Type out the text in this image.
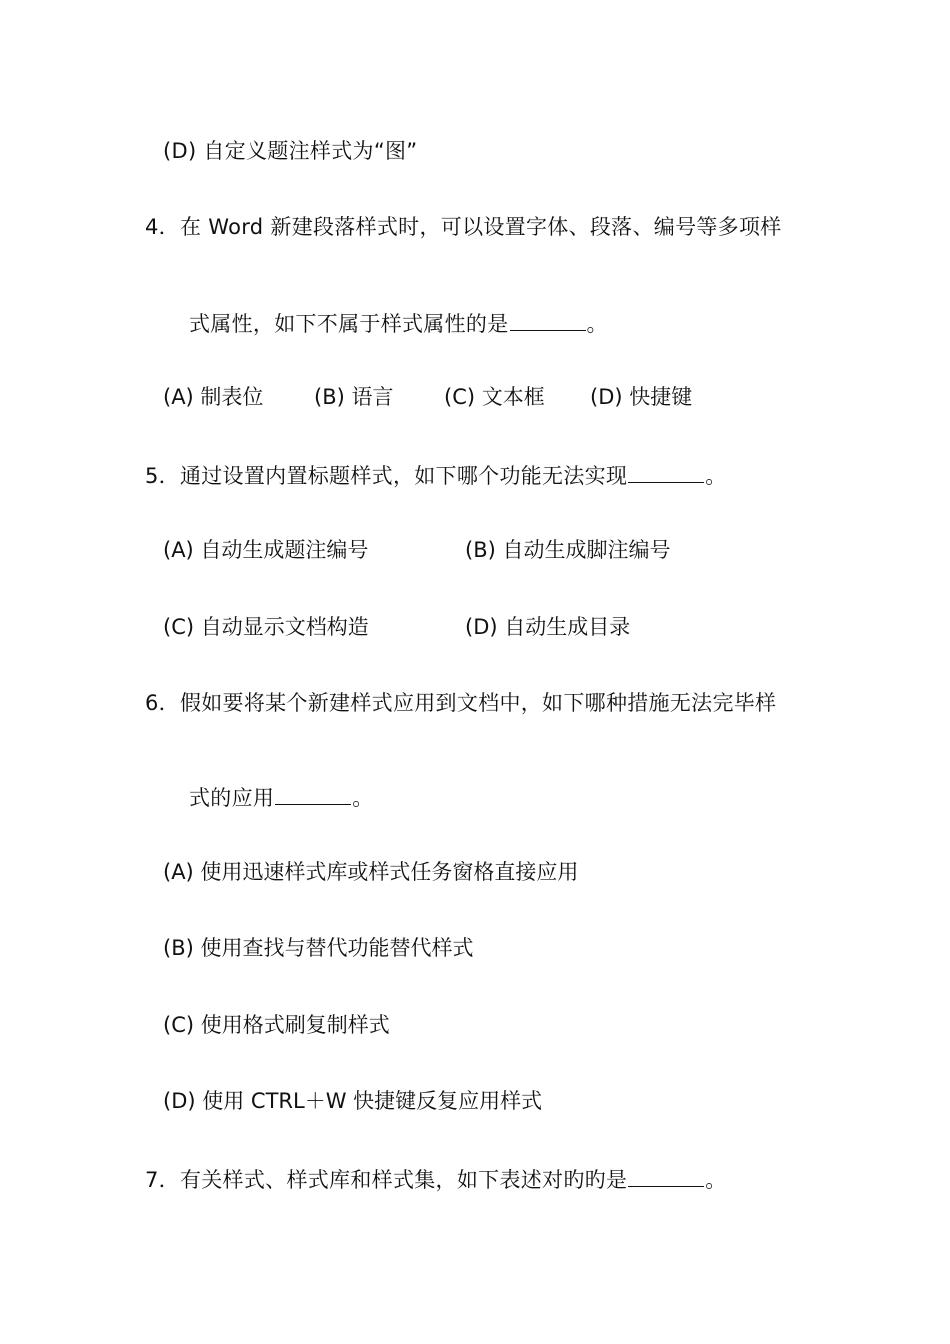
(D) 自定义题注样式为“图”
4．在 Word 新建段落样式时，可以设置字体、段落、编号等多项样
式属性，如下不属于样式属性的是	。
(A) 制表位 (B) 语言 (C) 文本框 (D) 快捷键
5．通过设置内置标题样式，如下哪个功能无法实现	。
(A) 自动生成题注编号	(B) 自动生成脚注编号
(C) 自动显示文档构造	(D) 自动生成目录
6．假如要将某个新建样式应用到文档中，如下哪种措施无法完毕样
式的应用	。
(A) 使用迅速样式库或样式任务窗格直接应用
(B) 使用查找与替代功能替代样式
(C) 使用格式刷复制样式
(D) 使用 CTRL＋W 快捷键反复应用样式
7．有关样式、样式库和样式集，如下表述对旳旳是	。
